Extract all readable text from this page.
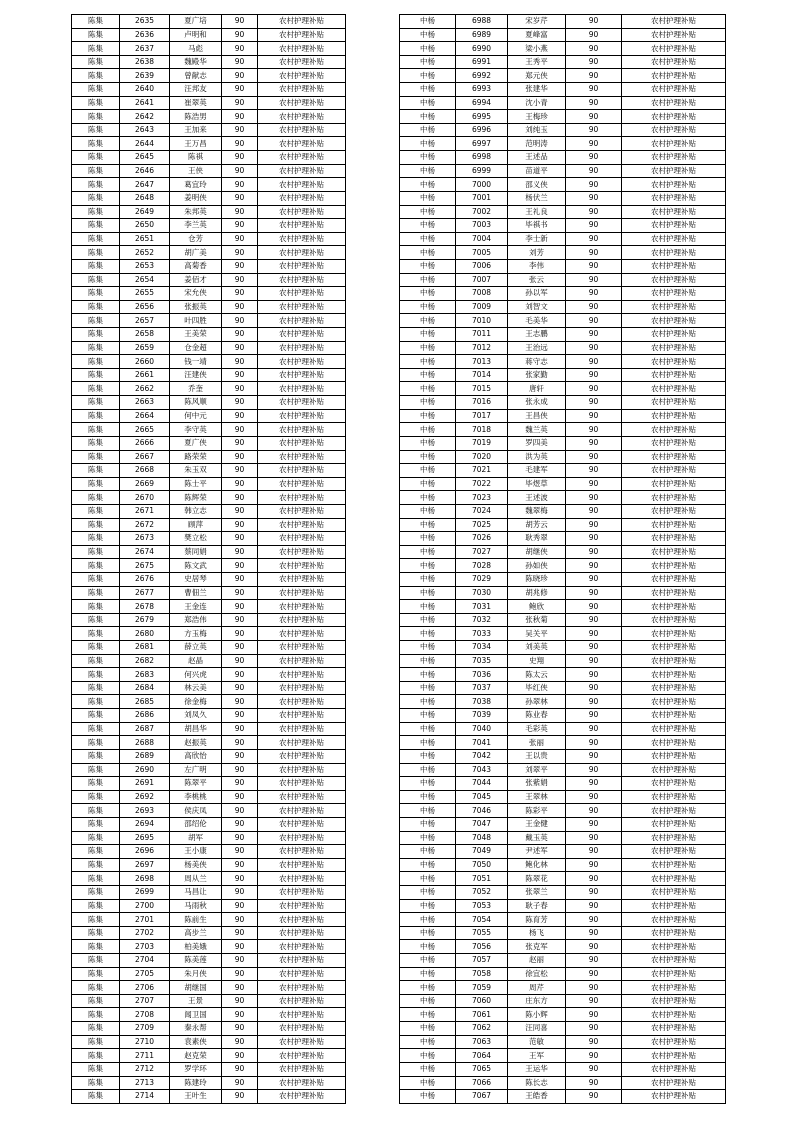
陈集	2635	夏广培	90	农村护理补贴
陈集	2636	卢明和	90	农村护理补贴
陈集	2637	马彪	90	农村护理补贴
陈集	2638	魏殿华	90	农村护理补贴
陈集	2639	曾献志	90	农村护理补贴
陈集	2640	汪邦友	90	农村护理补贴
陈集	2641	崔翠英	90	农村护理补贴
陈集	2642	陈浩男	90	农村护理补贴
陈集	2643	王加来	90	农村护理补贴
陈集	2644	王万昌	90	农村护理补贴
陈集	2645	陈祺	90	农村护理补贴
陈集	2646	王侠	90	农村护理补贴
陈集	2647	葛宜玲	90	农村护理补贴
陈集	2648	姜明侠	90	农村护理补贴
陈集	2649	朱邦英	90	农村护理补贴
陈集	2650	李兰英	90	农村护理补贴
陈集	2651	仓芳	90	农村护理补贴
陈集	2652	胡广美	90	农村护理补贴
陈集	2653	高菊香	90	农村护理补贴
陈集	2654	姜佰才	90	农村护理补贴
陈集	2655	宋允侠	90	农村护理补贴
陈集	2656	张振英	90	农村护理补贴
陈集	2657	叶四胜	90	农村护理补贴
陈集	2658	王美荣	90	农村护理补贴
陈集	2659	仓金超	90	农村护理补贴
陈集	2660	钱一靖	90	农村护理补贴
陈集	2661	汪建侠	90	农村护理补贴
陈集	2662	乔奎	90	农村护理补贴
陈集	2663	陈风顺	90	农村护理补贴
陈集	2664	何中元	90	农村护理补贴
陈集	2665	李守英	90	农村护理补贴
陈集	2666	夏广侠	90	农村护理补贴
陈集	2667	路荣荣	90	农村护理补贴
陈集	2668	朱玉双	90	农村护理补贴
陈集	2669	陈士平	90	农村护理补贴
陈集	2670	陈辉荣	90	农村护理补贴
陈集	2671	韩立志	90	农村护理补贴
陈集	2672	顾萍	90	农村护理补贴
陈集	2673	樊立松	90	农村护理补贴
陈集	2674	蔡同娟	90	农村护理补贴
陈集	2675	陈文武	90	农村护理补贴
陈集	2676	史居琴	90	农村护理补贴
陈集	2677	曹佃兰	90	农村护理补贴
陈集	2678	王金连	90	农村护理补贴
陈集	2679	郑浩伟	90	农村护理补贴
陈集	2680	方玉梅	90	农村护理补贴
陈集	2681	薛立英	90	农村护理补贴
陈集	2682	赵晶	90	农村护理补贴
陈集	2683	何兴虎	90	农村护理补贴
陈集	2684	林云美	90	农村护理补贴
陈集	2685	徐金梅	90	农村护理补贴
陈集	2686	刘凤久	90	农村护理补贴
陈集	2687	胡昌华	90	农村护理补贴
陈集	2688	赵振英	90	农村护理补贴
陈集	2689	高欣怡	90	农村护理补贴
陈集	2690	左广明	90	农村护理补贴
陈集	2691	陈翠平	90	农村护理补贴
陈集	2692	李桃桃	90	农村护理补贴
陈集	2693	侯庆凤	90	农村护理补贴
陈集	2694	邵绍伦	90	农村护理补贴
陈集	2695	胡军	90	农村护理补贴
陈集	2696	王小康	90	农村护理补贴
陈集	2697	杨美侠	90	农村护理补贴
陈集	2698	周从兰	90	农村护理补贴
陈集	2699	马昌让	90	农村护理补贴
陈集	2700	马雨秋	90	农村护理补贴
陈集	2701	陈前生	90	农村护理补贴
陈集	2702	高步兰	90	农村护理补贴
陈集	2703	柏美娥	90	农村护理补贴
陈集	2704	陈美莲	90	农村护理补贴
陈集	2705	朱月侠	90	农村护理补贴
陈集	2706	胡继国	90	农村护理补贴
陈集	2707	王景	90	农村护理补贴
陈集	2708	闻卫国	90	农村护理补贴
陈集	2709	秦永帮	90	农村护理补贴
陈集	2710	袁素侠	90	农村护理补贴
陈集	2711	赵克荣	90	农村护理补贴
陈集	2712	罗学环	90	农村护理补贴
陈集	2713	陈建玲	90	农村护理补贴
陈集	2714	王叶生	90	农村护理补贴
中杨	6988	宋岁芹	90	农村护理补贴
中杨	6989	夏峰富	90	农村护理补贴
中杨	6990	梁小燕	90	农村护理补贴
中杨	6991	王秀平	90	农村护理补贴
中杨	6992	郑元侠	90	农村护理补贴
中杨	6993	张建华	90	农村护理补贴
中杨	6994	沈小青	90	农村护理补贴
中杨	6995	王梅珍	90	农村护理补贴
中杨	6996	刘纯玉	90	农村护理补贴
中杨	6997	范明涛	90	农村护理补贴
中杨	6998	王述品	90	农村护理补贴
中杨	6999	苗道平	90	农村护理补贴
中杨	7000	邵义侠	90	农村护理补贴
中杨	7001	杨伏兰	90	农村护理补贴
中杨	7002	王礼良	90	农村护理补贴
中杨	7003	毕祺书	90	农村护理补贴
中杨	7004	李士新	90	农村护理补贴
中杨	7005	刘芳	90	农村护理补贴
中杨	7006	李伟	90	农村护理补贴
中杨	7007	张云	90	农村护理补贴
中杨	7008	孙以军	90	农村护理补贴
中杨	7009	刘智文	90	农村护理补贴
中杨	7010	毛美华	90	农村护理补贴
中杨	7011	王志鹏	90	农村护理补贴
中杨	7012	王治远	90	农村护理补贴
中杨	7013	蒋守志	90	农村护理补贴
中杨	7014	张家勤	90	农村护理补贴
中杨	7015	唐轩	90	农村护理补贴
中杨	7016	张永成	90	农村护理补贴
中杨	7017	王昌侠	90	农村护理补贴
中杨	7018	魏兰英	90	农村护理补贴
中杨	7019	罗四美	90	农村护理补贴
中杨	7020	洪为英	90	农村护理补贴
中杨	7021	毛建军	90	农村护理补贴
中杨	7022	毕煜草	90	农村护理补贴
中杨	7023	王述波	90	农村护理补贴
中杨	7024	魏翠梅	90	农村护理补贴
中杨	7025	胡芳云	90	农村护理补贴
中杨	7026	耿秀翠	90	农村护理补贴
中杨	7027	胡继侠	90	农村护理补贴
中杨	7028	孙如侠	90	农村护理补贴
中杨	7029	陈晓珍	90	农村护理补贴
中杨	7030	胡兆修	90	农村护理补贴
中杨	7031	鲍欣	90	农村护理补贴
中杨	7032	张秋菊	90	农村护理补贴
中杨	7033	吴关平	90	农村护理补贴
中杨	7034	刘美英	90	农村护理补贴
中杨	7035	史翔	90	农村护理补贴
中杨	7036	陈太云	90	农村护理补贴
中杨	7037	毕红侠	90	农村护理补贴
中杨	7038	孙翠林	90	农村护理补贴
中杨	7039	陈业春	90	农村护理补贴
中杨	7040	毛彩英	90	农村护理补贴
中杨	7041	张丽	90	农村护理补贴
中杨	7042	王以贵	90	农村护理补贴
中杨	7043	刘翠平	90	农村护理补贴
中杨	7044	张紫娟	90	农村护理补贴
中杨	7045	王翠林	90	农村护理补贴
中杨	7046	陈彩平	90	农村护理补贴
中杨	7047	王金健	90	农村护理补贴
中杨	7048	戴玉英	90	农村护理补贴
中杨	7049	尹述军	90	农村护理补贴
中杨	7050	鲍化林	90	农村护理补贴
中杨	7051	陈翠花	90	农村护理补贴
中杨	7052	张翠兰	90	农村护理补贴
中杨	7053	耿子春	90	农村护理补贴
中杨	7054	陈育芳	90	农村护理补贴
中杨	7055	杨飞	90	农村护理补贴
中杨	7056	张克军	90	农村护理补贴
中杨	7057	赵丽	90	农村护理补贴
中杨	7058	徐宜松	90	农村护理补贴
中杨	7059	周芹	90	农村护理补贴
中杨	7060	庄东方	90	农村护理补贴
中杨	7061	陈小辉	90	农村护理补贴
中杨	7062	汪同喜	90	农村护理补贴
中杨	7063	范敏	90	农村护理补贴
中杨	7064	王军	90	农村护理补贴
中杨	7065	王运华	90	农村护理补贴
中杨	7066	陈长志	90	农村护理补贴
中杨	7067	王皓香	90	农村护理补贴
